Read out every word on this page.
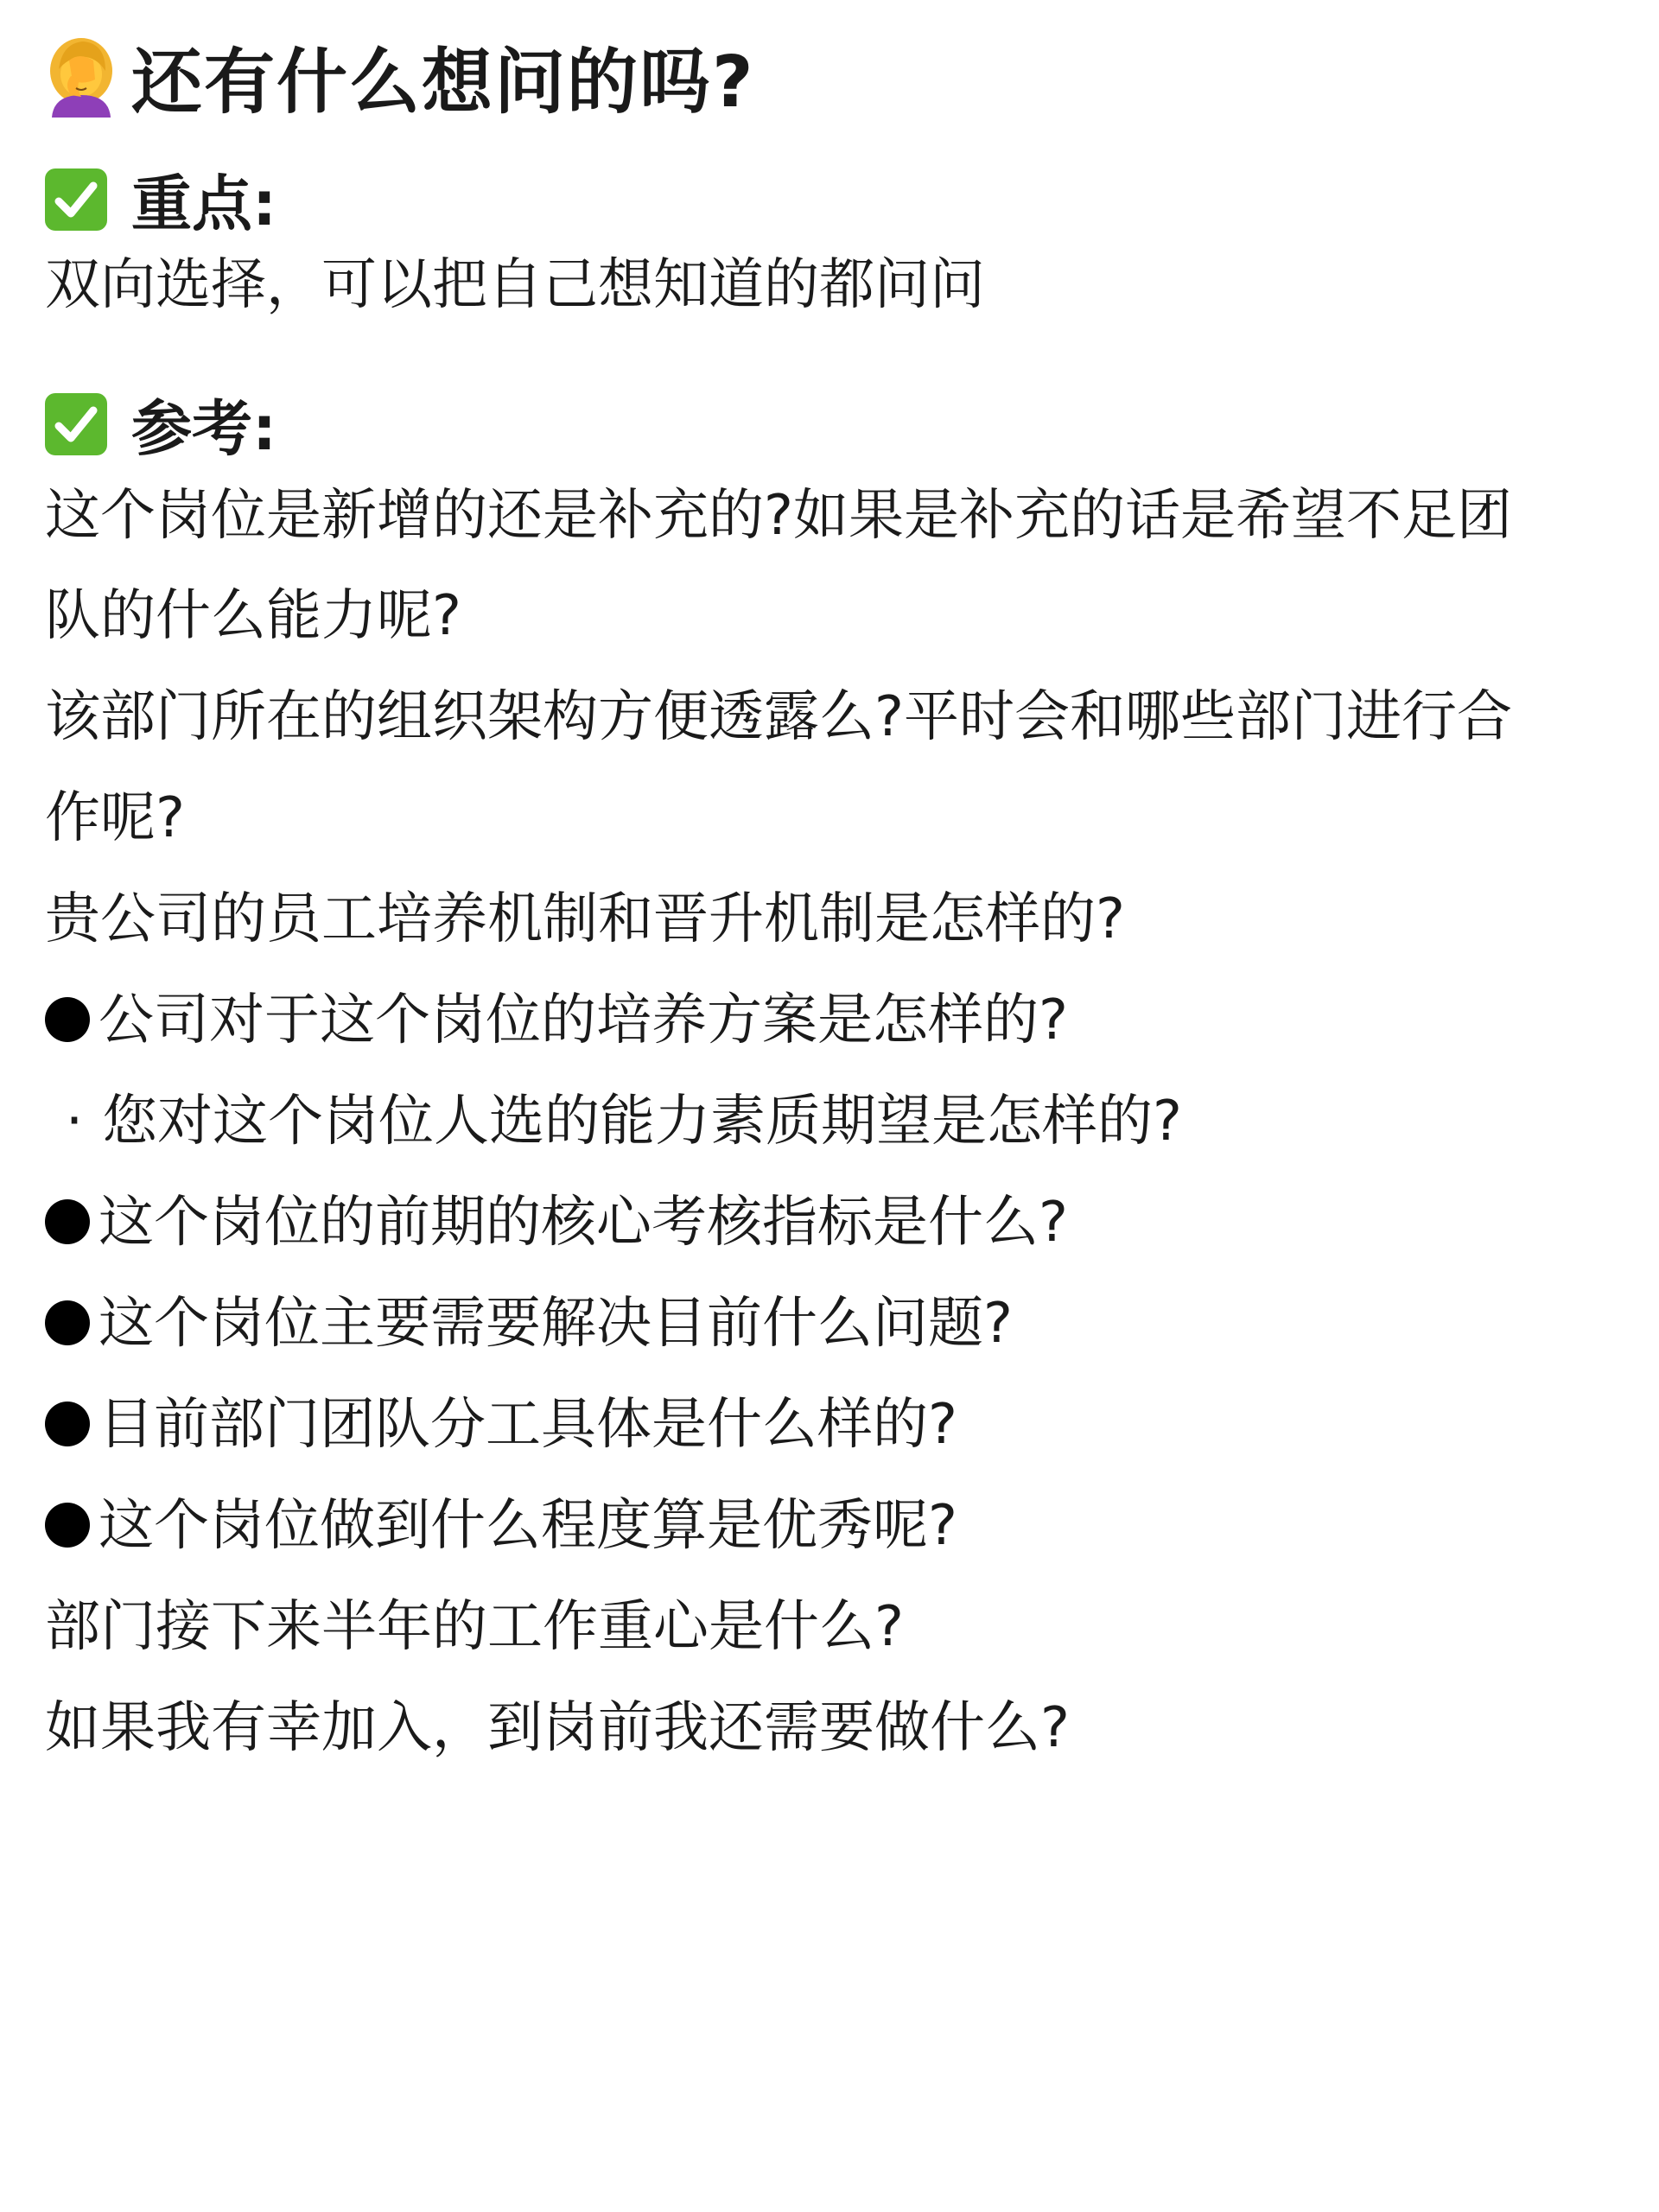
还有什么想问的吗?
重点:
双向选择，可以把自己想知道的都问问
参考:
这个岗位是新增的还是补充的?如果是补充的话是希望不足团
队的什么能力呢?
该部门所在的组织架构方便透露么?平时会和哪些部门进行合
作呢?
贵公司的员工培养机制和晋升机制是怎样的?
公司对于这个岗位的培养方案是怎样的?
· 您对这个岗位人选的能力素质期望是怎样的?
这个岗位的前期的核心考核指标是什么?
这个岗位主要需要解决目前什么问题?
目前部门团队分工具体是什么样的?
这个岗位做到什么程度算是优秀呢?
部门接下来半年的工作重心是什么?
如果我有幸加入，到岗前我还需要做什么?
